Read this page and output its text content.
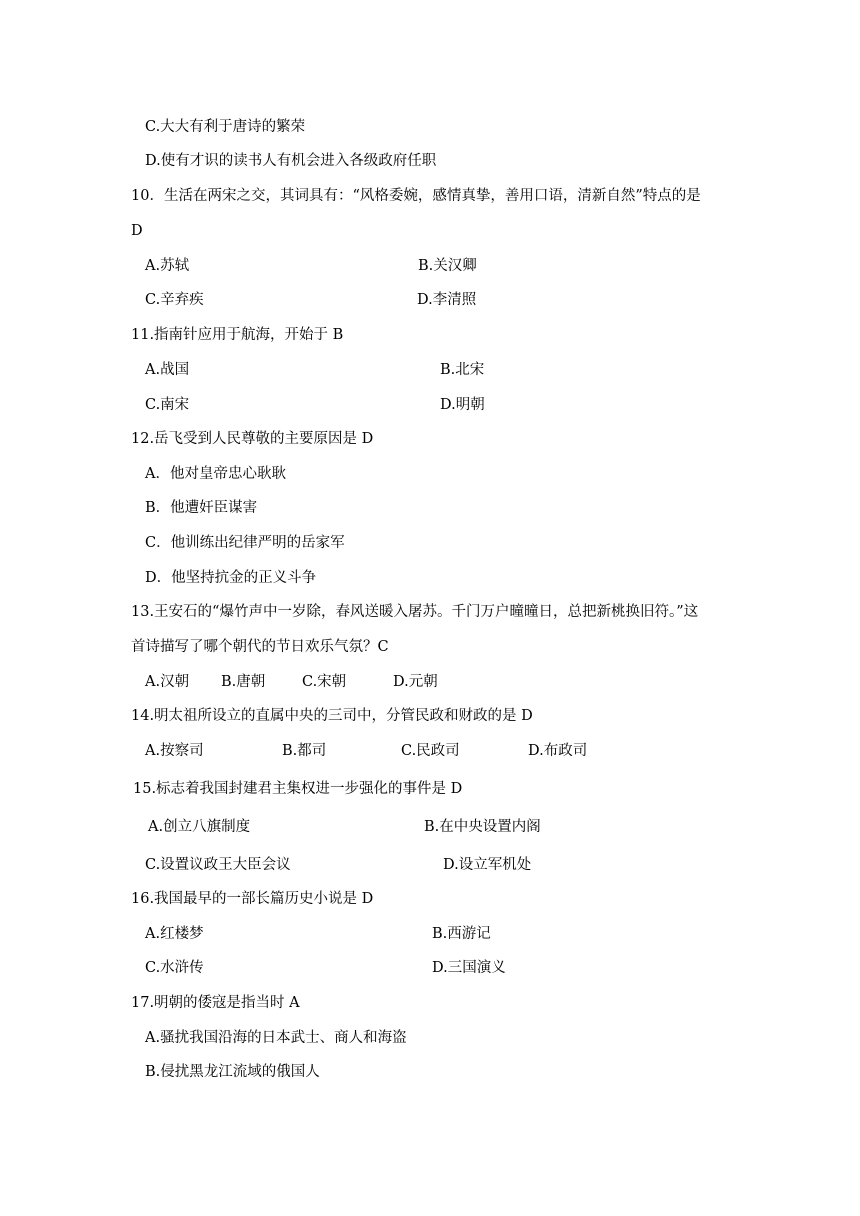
C.大大有利于唐诗的繁荣
D.使有才识的读书人有机会进入各级政府任职
10．生活在两宋之交，其词具有：“风格委婉，感情真挚，善用口语，清新自然”特点的是
D
A.苏轼	B.关汉卿
C.辛弃疾	D.李清照
11.指南针应用于航海，开始于 B
A.战国	B.北宋
C.南宋	D.明朝
12.岳飞受到人民尊敬的主要原因是 D
A．他对皇帝忠心耿耿
B．他遭奸臣谋害
C．他训练出纪律严明的岳家军
D．他坚持抗金的正义斗争
13.王安石的“爆竹声中一岁除，春风送暖入屠苏。千门万户曈曈日，总把新桃换旧符。”这
首诗描写了哪个朝代的节日欢乐气氛？C
A.汉朝 B.唐朝	C.宋朝	D.元朝
14.明太祖所设立的直属中央的三司中，分管民政和财政的是 D
A.按察司	B.都司	C.民政司	D.布政司
15.标志着我国封建君主集权进一步强化的事件是 D
A.创立八旗制度	B.在中央设置内阁
C.设置议政王大臣会议	D.设立军机处
16.我国最早的一部长篇历史小说是 D
A.红楼梦	B.西游记
C.水浒传	D.三国演义
17.明朝的倭寇是指当时 A
A.骚扰我国沿海的日本武士、商人和海盗
B.侵扰黑龙江流域的俄国人
